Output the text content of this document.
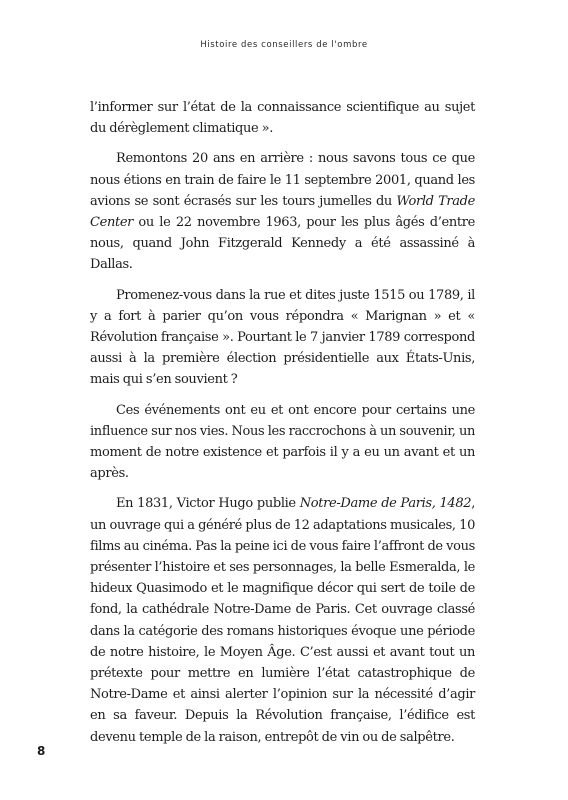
Histoire des conseillers de l'ombre

l’informer sur l’état de la connaissance scientifique au sujet du dérèglement climatique ».

Remontons 20 ans en arrière : nous savons tous ce que nous étions en train de faire le 11 septembre 2001, quand les avions se sont écrasés sur les tours jumelles du World Trade Center ou le 22 novembre 1963, pour les plus âgés d’entre nous, quand John Fitzgerald Kennedy a été assassiné à Dallas.

Promenez-vous dans la rue et dites juste 1515 ou 1789, il y a fort à parier qu’on vous répondra « Marignan » et « Révolution française ». Pourtant le 7 janvier 1789 correspond aussi à la première élection présidentielle aux États-Unis, mais qui s’en souvient ?

Ces événements ont eu et ont encore pour certains une influence sur nos vies. Nous les raccrochons à un souvenir, un moment de notre existence et parfois il y a eu un avant et un après.

En 1831, Victor Hugo publie Notre-Dame de Paris, 1482, un ouvrage qui a généré plus de 12 adaptations musicales, 10 films au cinéma. Pas la peine ici de vous faire l’affront de vous présenter l’histoire et ses personnages, la belle Esmeralda, le hideux Quasimodo et le magnifique décor qui sert de toile de fond, la cathédrale Notre-Dame de Paris. Cet ouvrage classé dans la catégorie des romans historiques évoque une période de notre histoire, le Moyen Âge. C’est aussi et avant tout un prétexte pour mettre en lumière l’état catastrophique de Notre-Dame et ainsi alerter l’opinion sur la nécessité d’agir en sa faveur. Depuis la Révolution française, l’édifice est devenu temple de la raison, entrepôt de vin ou de salpêtre.

8
